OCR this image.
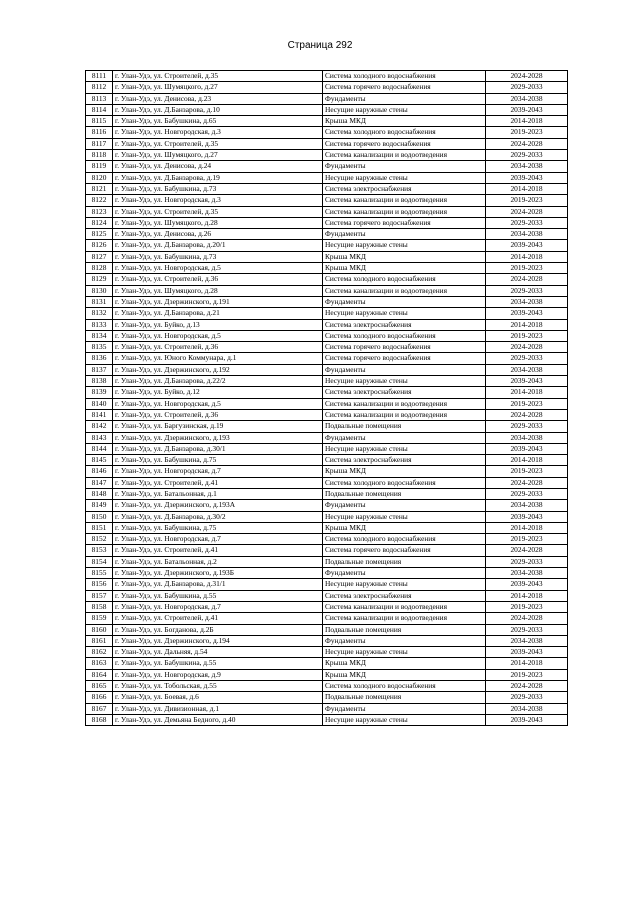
Страница 292
8111	г. Улан-Удэ, ул. Строителей, д.35	Система холодного водоснабжения	2024-2028
8112	г. Улан-Удэ, ул. Шумяцкого, д.27	Система горячего водоснабжения	2029-2033
8113	г. Улан-Удэ, ул. Денисова, д.23	Фундаменты	2034-2038
8114	г. Улан-Удэ, ул. Д.Банзарова, д.10	Несущие наружные стены	2039-2043
8115	г. Улан-Удэ, ул. Бабушкина, д.65	Крыша МКД	2014-2018
8116	г. Улан-Удэ, ул. Новгородская, д.3	Система холодного водоснабжения	2019-2023
8117	г. Улан-Удэ, ул. Строителей, д.35	Система горячего водоснабжения	2024-2028
8118	г. Улан-Удэ, ул. Шумяцкого, д.27	Система канализации и водоотведения	2029-2033
8119	г. Улан-Удэ, ул. Денисова, д.24	Фундаменты	2034-2038
8120	г. Улан-Удэ, ул. Д.Банзарова, д.19	Несущие наружные стены	2039-2043
8121	г. Улан-Удэ, ул. Бабушкина, д.73	Система электроснабжения	2014-2018
8122	г. Улан-Удэ, ул. Новгородская, д.3	Система канализации и водоотведения	2019-2023
8123	г. Улан-Удэ, ул. Строителей, д.35	Система канализации и водоотведения	2024-2028
8124	г. Улан-Удэ, ул. Шумяцкого, д.28	Система горячего водоснабжения	2029-2033
8125	г. Улан-Удэ, ул. Денисова, д.26	Фундаменты	2034-2038
8126	г. Улан-Удэ, ул. Д.Банзарова, д.20/1	Несущие наружные стены	2039-2043
8127	г. Улан-Удэ, ул. Бабушкина, д.73	Крыша МКД	2014-2018
8128	г. Улан-Удэ, ул. Новгородская, д.5	Крыша МКД	2019-2023
8129	г. Улан-Удэ, ул. Строителей, д.36	Система холодного водоснабжения	2024-2028
8130	г. Улан-Удэ, ул. Шумяцкого, д.28	Система канализации и водоотведения	2029-2033
8131	г. Улан-Удэ, ул. Дзержинского, д.191	Фундаменты	2034-2038
8132	г. Улан-Удэ, ул. Д.Банзарова, д.21	Несущие наружные стены	2039-2043
8133	г. Улан-Удэ, ул. Буйко, д.13	Система электроснабжения	2014-2018
8134	г. Улан-Удэ, ул. Новгородская, д.5	Система холодного водоснабжения	2019-2023
8135	г. Улан-Удэ, ул. Строителей, д.36	Система горячего водоснабжения	2024-2028
8136	г. Улан-Удэ, ул. Юного Коммунара, д.1	Система горячего водоснабжения	2029-2033
8137	г. Улан-Удэ, ул. Дзержинского, д.192	Фундаменты	2034-2038
8138	г. Улан-Удэ, ул. Д.Банзарова, д.22/2	Несущие наружные стены	2039-2043
8139	г. Улан-Удэ, ул. Буйко, д.12	Система электроснабжения	2014-2018
8140	г. Улан-Удэ, ул. Новгородская, д.5	Система канализации и водоотведения	2019-2023
8141	г. Улан-Удэ, ул. Строителей, д.36	Система канализации и водоотведения	2024-2028
8142	г. Улан-Удэ, ул. Баргузинская, д.19	Подвальные помещения	2029-2033
8143	г. Улан-Удэ, ул. Дзержинского, д.193	Фундаменты	2034-2038
8144	г. Улан-Удэ, ул. Д.Банзарова, д.30/1	Несущие наружные стены	2039-2043
8145	г. Улан-Удэ, ул. Бабушкина, д.75	Система электроснабжения	2014-2018
8146	г. Улан-Удэ, ул. Новгородская, д.7	Крыша МКД	2019-2023
8147	г. Улан-Удэ, ул. Строителей, д.41	Система холодного водоснабжения	2024-2028
8148	г. Улан-Удэ, ул. Батальонная, д.1	Подвальные помещения	2029-2033
8149	г. Улан-Удэ, ул. Дзержинского, д.193А	Фундаменты	2034-2038
8150	г. Улан-Удэ, ул. Д.Банзарова, д.30/2	Несущие наружные стены	2039-2043
8151	г. Улан-Удэ, ул. Бабушкина, д.75	Крыша МКД	2014-2018
8152	г. Улан-Удэ, ул. Новгородская, д.7	Система холодного водоснабжения	2019-2023
8153	г. Улан-Удэ, ул. Строителей, д.41	Система горячего водоснабжения	2024-2028
8154	г. Улан-Удэ, ул. Батальонная, д.2	Подвальные помещения	2029-2033
8155	г. Улан-Удэ, ул. Дзержинского, д.193Б	Фундаменты	2034-2038
8156	г. Улан-Удэ, ул. Д.Банзарова, д.31/1	Несущие наружные стены	2039-2043
8157	г. Улан-Удэ, ул. Бабушкина, д.55	Система электроснабжения	2014-2018
8158	г. Улан-Удэ, ул. Новгородская, д.7	Система канализации и водоотведения	2019-2023
8159	г. Улан-Удэ, ул. Строителей, д.41	Система канализации и водоотведения	2024-2028
8160	г. Улан-Удэ, ул. Богданова, д.2Б	Подвальные помещения	2029-2033
8161	г. Улан-Удэ, ул. Дзержинского, д.194	Фундаменты	2034-2038
8162	г. Улан-Удэ, ул. Дальняя, д.54	Несущие наружные стены	2039-2043
8163	г. Улан-Удэ, ул. Бабушкина, д.55	Крыша МКД	2014-2018
8164	г. Улан-Удэ, ул. Новгородская, д.9	Крыша МКД	2019-2023
8165	г. Улан-Удэ, ул. Тобольская, д.55	Система холодного водоснабжения	2024-2028
8166	г. Улан-Удэ, ул. Боевая, д.6	Подвальные помещения	2029-2033
8167	г. Улан-Удэ, ул. Дивизионная, д.1	Фундаменты	2034-2038
8168	г. Улан-Удэ, ул. Демьяна Бедного, д.40	Несущие наружные стены	2039-2043
